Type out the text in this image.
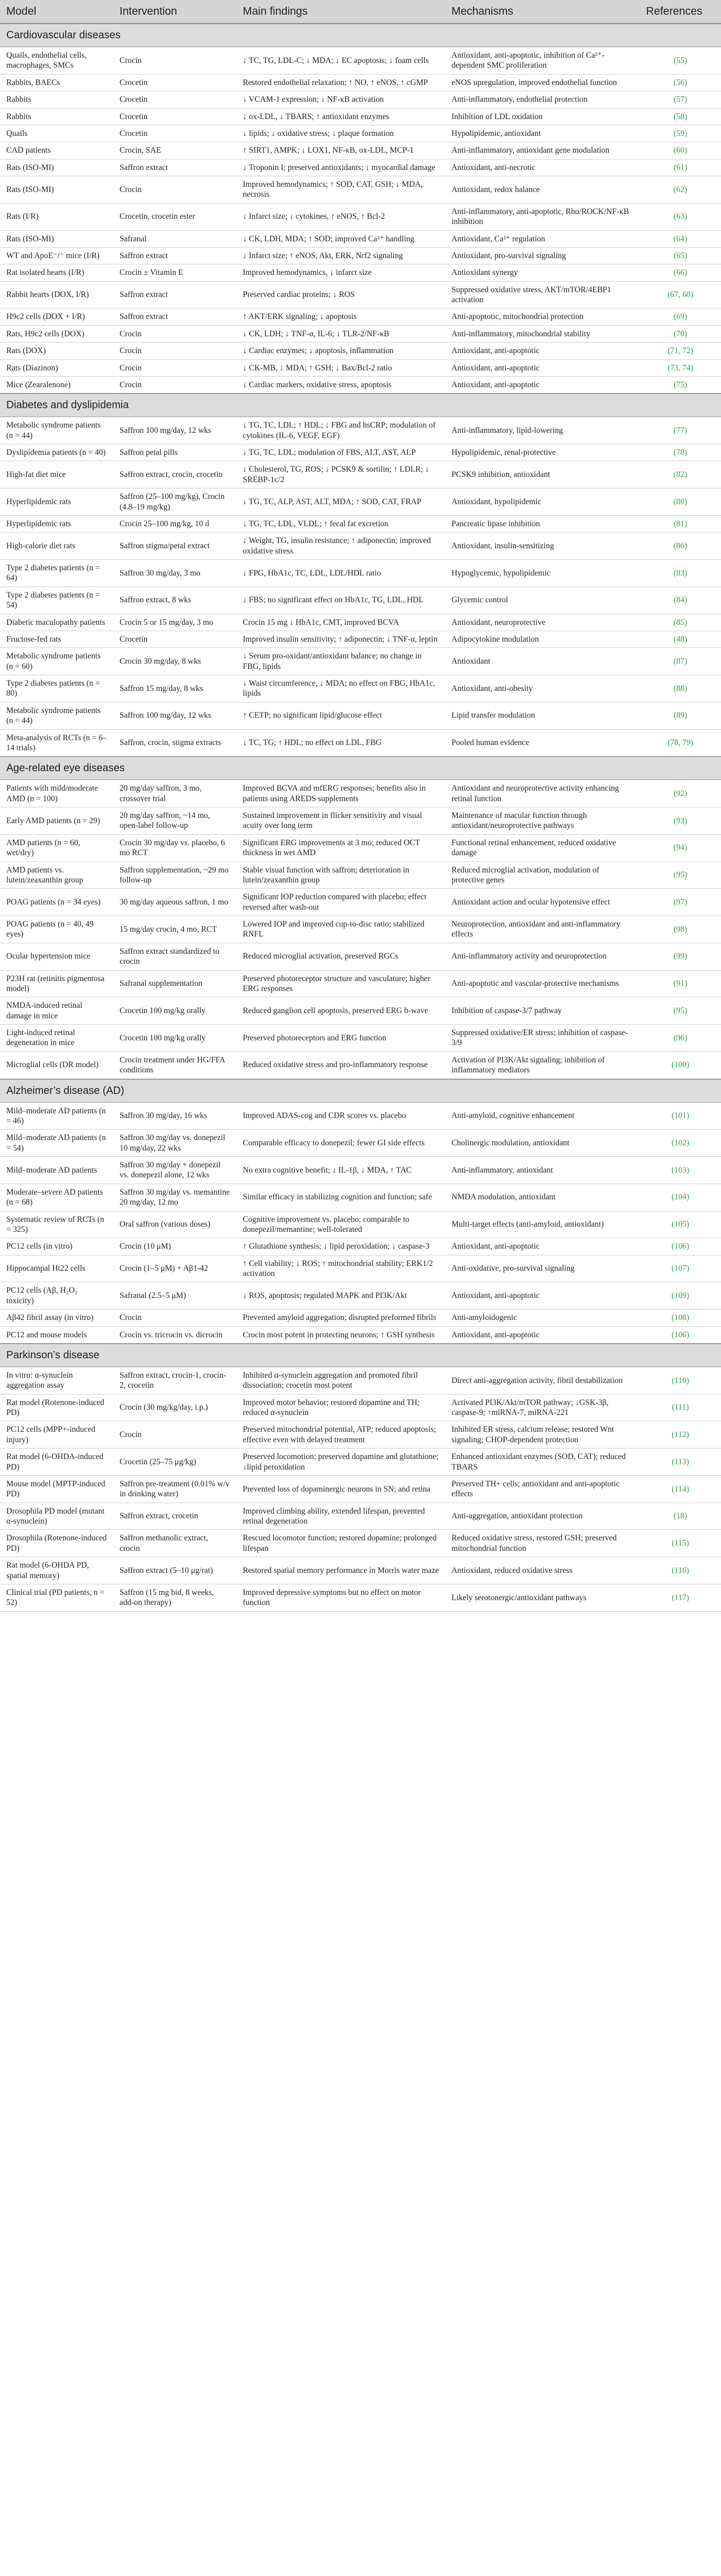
Model	Intervention	Main findings	Mechanisms	References
Cardiovascular diseases				
Quails, endothelial cells, macrophages, SMCs	Crocin	↓ TC, TG, LDL-C; ↓ MDA; ↓ EC apoptosis; ↓ foam cells	Antioxidant, anti-apoptotic, inhibition of Ca²⁺-dependent SMC proliferation	(55)
Rabbits, BAECs	Crocetin	Restored endothelial relaxation; ↑ NO, ↑ eNOS, ↑ cGMP	eNOS upregulation, improved endothelial function	(56)
Rabbits	Crocetin	↓ VCAM-1 expression; ↓ NF-κB activation	Anti-inflammatory, endothelial protection	(57)
Rabbits	Crocetin	↓ ox-LDL, ↓ TBARS; ↑ antioxidant enzymes	Inhibition of LDL oxidation	(58)
Quails	Crocetin	↓ lipids; ↓ oxidative stress; ↓ plaque formation	Hypolipidemic, antioxidant	(59)
CAD patients	Crocin, SAE	↑ SIRT1, AMPK; ↓ LOX1, NF-κB, ox-LDL, MCP-1	Anti-inflammatory, antioxidant gene modulation	(60)
Rats (ISO-MI)	Saffron extract	↓ Troponin I; preserved antioxidants; ↓ myocardial damage	Antioxidant, anti-necrotic	(61)
Rats (ISO-MI)	Crocin	Improved hemodynamics; ↑ SOD, CAT, GSH; ↓ MDA, necrosis	Antioxidant, redox balance	(62)
Rats (I/R)	Crocetin, crocetin ester	↓ Infarct size; ↓ cytokines, ↑ eNOS, ↑ Bcl-2	Anti-inflammatory, anti-apoptotic, Rho/ROCK/NF-κB inhibition	(63)
Rats (ISO-MI)	Safranal	↓ CK, LDH, MDA; ↑ SOD; improved Ca²⁺ handling	Antioxidant, Ca²⁺ regulation	(64)
WT and ApoE⁻/⁻ mice (I/R)	Saffron extract	↓ Infarct size; ↑ eNOS, Akt, ERK, Nrf2 signaling	Antioxidant, pro-survival signaling	(65)
Rat isolated hearts (I/R)	Crocin ± Vitamin E	Improved hemodynamics, ↓ infarct size	Antioxidant synergy	(66)
Rabbit hearts (DOX, I/R)	Saffron extract	Preserved cardiac proteins; ↓ ROS	Suppressed oxidative stress, AKT/mTOR/4EBP1 activation	(67, 68)
H9c2 cells (DOX + I/R)	Saffron extract	↑ AKT/ERK signaling; ↓ apoptosis	Anti-apoptotic, mitochondrial protection	(69)
Rats, H9c2 cells (DOX)	Crocin	↓ CK, LDH; ↓ TNF-α, IL-6; ↓ TLR-2/NF-κB	Anti-inflammatory, mitochondrial stability	(70)
Rats (DOX)	Crocin	↓ Cardiac enzymes; ↓ apoptosis, inflammation	Antioxidant, anti-apoptotic	(71, 72)
Rats (Diazinon)	Crocin	↓ CK-MB, ↓ MDA; ↑ GSH; ↓ Bax/Bcl-2 ratio	Antioxidant, anti-apoptotic	(73, 74)
Mice (Zearalenone)	Crocin	↓ Cardiac markers, oxidative stress, apoptosis	Antioxidant, anti-apoptotic	(75)
Diabetes and dyslipidemia				
Metabolic syndrome patients (n = 44)	Saffron 100 mg/day, 12 wks	↓ TG, TC, LDL; ↑ HDL; ↓ FBG and hsCRP; modulation of cytokines (IL-6, VEGF, EGF)	Anti-inflammatory, lipid-lowering	(77)
Dyslipidemia patients (n = 40)	Saffron petal pills	↓ TG, TC, LDL; modulation of FBS, ALT, AST, ALP	Hypolipidemic, renal-protective	(78)
High-fat diet mice	Saffron extract, crocin, crocetin	↓ Cholesterol, TG, ROS; ↓ PCSK9 & sortilin; ↑ LDLR; ↓ SREBP-1c/2	PCSK9 inhibition, antioxidant	(82)
Hyperlipidemic rats	Saffron (25–100 mg/kg), Crocin (4.8–19 mg/kg)	↓ TG, TC, ALP, AST, ALT, MDA; ↑ SOD, CAT, FRAP	Antioxidant, hypolipidemic	(80)
Hyperlipidemic rats	Crocin 25–100 mg/kg, 10 d	↓ TG, TC, LDL, VLDL; ↑ fecal fat excretion	Pancreatic lipase inhibition	(81)
High-calorie diet rats	Saffron stigma/petal extract	↓ Weight, TG, insulin resistance; ↑ adiponectin; improved oxidative stress	Antioxidant, insulin-sensitizing	(86)
Type 2 diabetes patients (n = 64)	Saffron 30 mg/day, 3 mo	↓ FPG, HbA1c, TC, LDL, LDL/HDL ratio	Hypoglycemic, hypolipidemic	(83)
Type 2 diabetes patients (n = 54)	Saffron extract, 8 wks	↓ FBS; no significant effect on HbA1c, TG, LDL, HDL	Glycemic control	(84)
Diabetic maculopathy patients	Crocin 5 or 15 mg/day, 3 mo	Crocin 15 mg ↓ HbA1c, CMT, improved BCVA	Antioxidant, neuroprotective	(85)
Fructose-fed rats	Crocetin	Improved insulin sensitivity; ↑ adiponectin; ↓ TNF-α, leptin	Adipocytokine modulation	(48)
Metabolic syndrome patients (n = 60)	Crocin 30 mg/day, 8 wks	↓ Serum pro-oxidant/antioxidant balance; no change in FBG, lipids	Antioxidant	(87)
Type 2 diabetes patients (n = 80)	Saffron 15 mg/day, 8 wks	↓ Waist circumference, ↓ MDA; no effect on FBG, HbA1c, lipids	Antioxidant, anti-obesity	(88)
Metabolic syndrome patients (n = 44)	Saffron 100 mg/day, 12 wks	↑ CETP; no significant lipid/glucose effect	Lipid transfer modulation	(89)
Meta-analysis of RCTs (n = 6–14 trials)	Saffron, crocin, stigma extracts	↓ TC, TG; ↑ HDL; no effect on LDL, FBG	Pooled human evidence	(78, 79)
Age-related eye diseases				
Patients with mild/moderate AMD (n = 100)	20 mg/day saffron, 3 mo, crossover trial	Improved BCVA and mfERG responses; benefits also in patients using AREDS supplements	Antioxidant and neuroprotective activity enhancing retinal function	(92)
Early AMD patients (n = 29)	20 mg/day saffron, ~14 mo, open-label follow-up	Sustained improvement in flicker sensitivity and visual acuity over long term	Maintenance of macular function through antioxidant/neuroprotective pathways	(93)
AMD patients (n = 60, wet/dry)	Crocin 30 mg/day vs. placebo, 6 mo RCT	Significant ERG improvements at 3 mo; reduced OCT thickness in wet AMD	Functional retinal enhancement, reduced oxidative damage	(94)
AMD patients vs. lutein/zeaxanthin group	Saffron supplementation, ~29 mo follow-up	Stable visual function with saffron; deterioration in lutein/zeaxanthin group	Reduced microglial activation, modulation of protective genes	(95)
POAG patients (n = 34 eyes)	30 mg/day aqueous saffron, 1 mo	Significant IOP reduction compared with placebo; effect reversed after wash-out	Antioxidant action and ocular hypotensive effect	(97)
POAG patients (n = 40, 49 eyes)	15 mg/day crocin, 4 mo, RCT	Lowered IOP and improved cup-to-disc ratio; stabilized RNFL	Neuroprotection, antioxidant and anti-inflammatory effects	(98)
Ocular hypertension mice	Saffron extract standardized to crocin	Reduced microglial activation, preserved RGCs	Anti-inflammatory activity and neuroprotection	(99)
P23H rat (retinitis pigmentosa model)	Safranal supplementation	Preserved photoreceptor structure and vasculature; higher ERG responses	Anti-apoptotic and vascular-protective mechanisms	(91)
NMDA-induced retinal damage in mice	Crocetin 100 mg/kg orally	Reduced ganglion cell apoptosis, preserved ERG b-wave	Inhibition of caspase-3/7 pathway	(95)
Light-induced retinal degeneration in mice	Crocetin 100 mg/kg orally	Preserved photoreceptors and ERG function	Suppressed oxidative/ER stress; inhibition of caspase-3/9	(96)
Microglial cells (DR model)	Crocin treatment under HG/FFA conditions	Reduced oxidative stress and pro-inflammatory response	Activation of PI3K/Akt signaling; inhibition of inflammatory mediators	(100)
Alzheimer’s disease (AD)				
Mild–moderate AD patients (n = 46)	Saffron 30 mg/day, 16 wks	Improved ADAS-cog and CDR scores vs. placebo	Anti-amyloid, cognitive enhancement	(101)
Mild–moderate AD patients (n = 54)	Saffron 30 mg/day vs. donepezil 10 mg/day, 22 wks	Comparable efficacy to donepezil; fewer GI side effects	Cholinergic modulation, antioxidant	(102)
Mild–moderate AD patients	Saffron 30 mg/day + donepezil vs. donepezil alone, 12 wks	No extra cognitive benefit; ↓ IL-1β, ↓ MDA, ↑ TAC	Anti-inflammatory, antioxidant	(103)
Moderate–severe AD patients (n = 68)	Saffron 30 mg/day vs. memantine 20 mg/day, 12 mo	Similar efficacy in stabilizing cognition and function; safe	NMDA modulation, antioxidant	(104)
Systematic review of RCTs (n = 325)	Oral saffron (various doses)	Cognitive improvement vs. placebo; comparable to donepezil/memantine; well-tolerated	Multi-target effects (anti-amyloid, antioxidant)	(105)
PC12 cells (in vitro)	Crocin (10 μM)	↑ Glutathione synthesis; ↓ lipid peroxidation; ↓ caspase-3	Antioxidant, anti-apoptotic	(106)
Hippocampal Ht22 cells	Crocin (1–5 μM) + Aβ1-42	↑ Cell viability; ↓ ROS; ↑ mitochondrial stability; ERK1/2 activation	Anti-oxidative, pro-survival signaling	(107)
PC12 cells (Aβ, H₂O₂ toxicity)	Safranal (2.5–5 μM)	↓ ROS, apoptosis; regulated MAPK and PI3K/Akt	Antioxidant, anti-apoptotic	(109)
Aβ42 fibril assay (in vitro)	Crocin	Prevented amyloid aggregation; disrupted preformed fibrils	Anti-amyloidogenic	(108)
PC12 and mouse models	Crocin vs. tricrocin vs. dicrocin	Crocin most potent in protecting neurons; ↑ GSH synthesis	Antioxidant, anti-apoptotic	(106)
Parkinson’s disease				
In vitro: α-synuclein aggregation assay	Saffron extract, crocin-1, crocin-2, crocetin	Inhibited α-synuclein aggregation and promoted fibril dissociation; crocetin most potent	Direct anti-aggregation activity, fibril destabilization	(110)
Rat model (Rotenone-induced PD)	Crocin (30 mg/kg/day, i.p.)	Improved motor behavior; restored dopamine and TH; reduced α-synuclein	Activated PI3K/Akt/mTOR pathway; ↓GSK-3β, caspase-9; ↑miRNA-7, miRNA-221	(111)
PC12 cells (MPP+-induced injury)	Crocin	Preserved mitochondrial potential, ATP; reduced apoptosis; effective even with delayed treatment	Inhibited ER stress, calcium release; restored Wnt signaling; CHOP-dependent protection	(112)
Rat model (6-OHDA-induced PD)	Crocetin (25–75 μg/kg)	Preserved locomotion; preserved dopamine and glutathione; ↓lipid peroxidation	Enhanced antioxidant enzymes (SOD, CAT); reduced TBARS	(113)
Mouse model (MPTP-induced PD)	Saffron pre-treatment (0.01% w/v in drinking water)	Prevented loss of dopaminergic neurons in SN; and retina	Preserved TH+ cells; antioxidant and anti-apoptotic effects	(114)
Drosophila PD model (mutant α-synuclein)	Saffron extract, crocetin	Improved climbing ability, extended lifespan, prevented retinal degeneration	Anti-aggregation, antioxidant protection	(18)
Drosophila (Rotenone-induced PD)	Saffron methanolic extract, crocin	Rescued locomotor function; restored dopamine; prolonged lifespan	Reduced oxidative stress, restored GSH; preserved mitochondrial function	(115)
Rat model (6-OHDA PD, spatial memory)	Saffron extract (5–10 μg/rat)	Restored spatial memory performance in Morris water maze	Antioxidant, reduced oxidative stress	(116)
Clinical trial (PD patients, n = 52)	Saffron (15 mg bid, 8 weeks, add-on therapy)	Improved depressive symptoms but no effect on motor function	Likely serotonergic/antioxidant pathways	(117)
